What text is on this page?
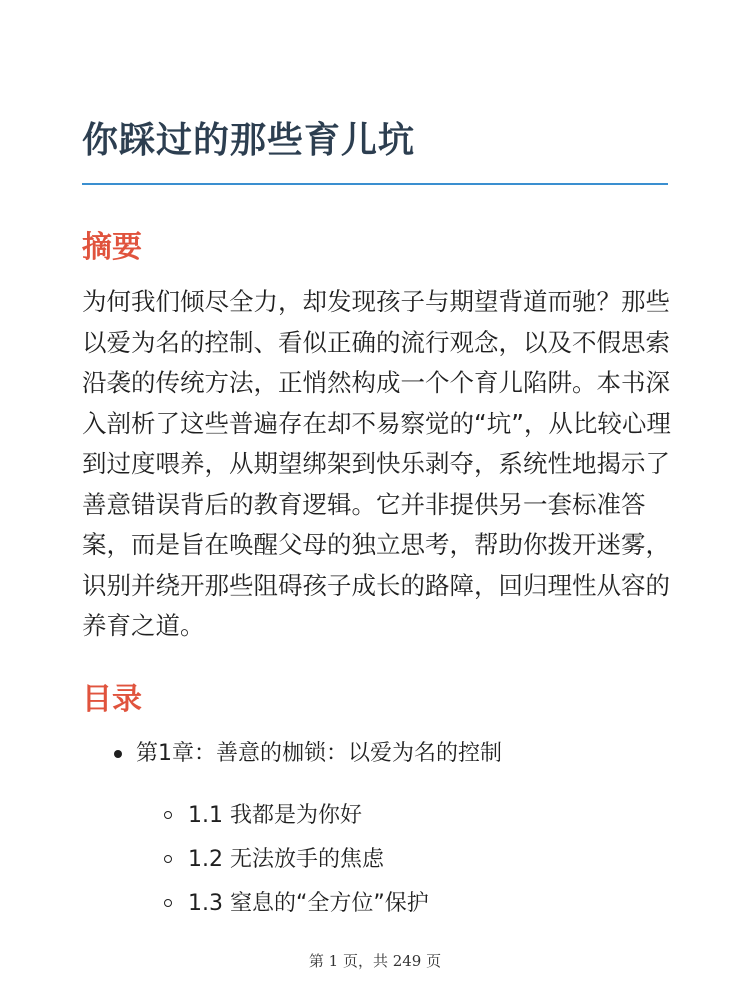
你踩过的那些育儿坑
摘要

为何我们倾尽全力，却发现孩子与期望背道而驰？那些以爱为名的控制、看似正确的流行观念，以及不假思索沿袭的传统方法，正悄然构成一个个育儿陷阱。本书深入剖析了这些普遍存在却不易察觉的“坑”，从比较心理到过度喂养，从期望绑架到快乐剥夺，系统性地揭示了善意错误背后的教育逻辑。它并非提供另一套标准答案，而是旨在唤醒父母的独立思考，帮助你拨开迷雾，识别并绕开那些阻碍孩子成长的路障，回归理性从容的养育之道。

目录
第1章：善意的枷锁：以爱为名的控制
1.1 我都是为你好
1.2 无法放手的焦虑
1.3 窒息的“全方位”保护
第 1 页，共 249 页
